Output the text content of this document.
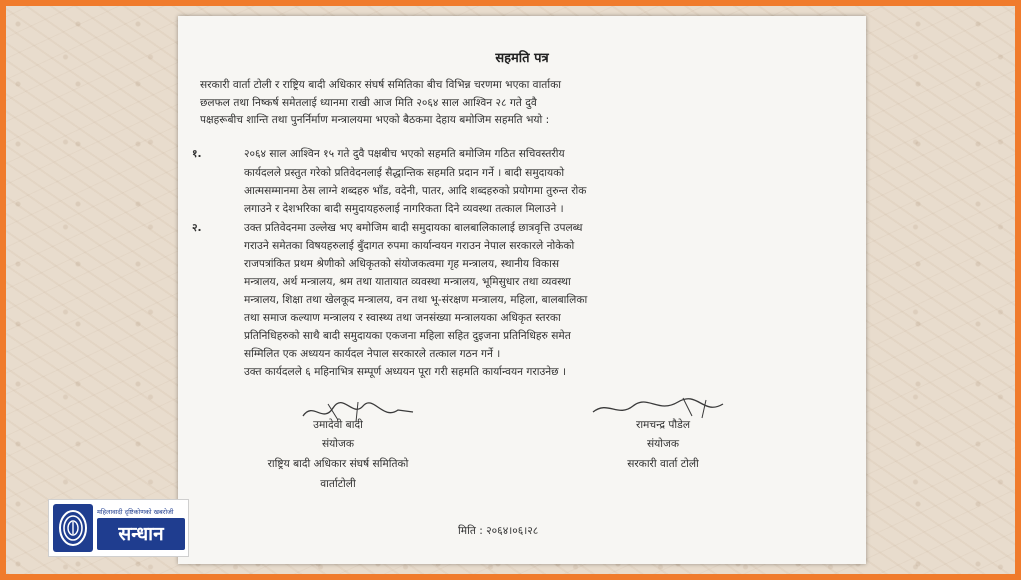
सहमति पत्र
सरकारी वार्ता टोली र राष्ट्रिय बादी अधिकार संघर्ष समितिका बीच विभिन्न चरणमा भएका वार्ताका
छलफल तथा निष्कर्ष समेतलाई ध्यानमा राखी आज मिति २०६४ साल आश्विन २८ गते दुवै
पक्षहरूबीच शान्ति तथा पुनर्निर्माण मन्त्रालयमा भएको बैठकमा देहाय बमोजिम सहमति भयो :
१.	२०६४ साल आश्विन १५ गते दुवै पक्षबीच भएको सहमति बमोजिम गठित सचिवस्तरीय
कार्यदलले प्रस्तुत गरेको प्रतिवेदनलाई सैद्धान्तिक सहमति प्रदान गर्ने । बादी समुदायको
आत्मसम्मानमा ठेस लाग्ने शब्दहरु भाँड, वदेनी, पातर, आदि शब्दहरुको प्रयोगमा तुरुन्त रोक
लगाउने र देशभरिका बादी समुदायहरुलाई नागरिकता दिने व्यवस्था तत्काल मिलाउने ।
२.	उक्त प्रतिवेदनमा उल्लेख भए बमोजिम बादी समुदायका बालबालिकालाई छात्रवृत्ति उपलब्ध
गराउने समेतका विषयहरुलाई बुँदागत रुपमा कार्यान्वयन गराउन नेपाल सरकारले नोकेको
राजपत्रांकित प्रथम श्रेणीको अधिकृतको संयोजकत्वमा गृह मन्त्रालय, स्थानीय विकास
मन्त्रालय, अर्थ मन्त्रालय, श्रम तथा यातायात व्यवस्था मन्त्रालय, भूमिसुधार तथा व्यवस्था
मन्त्रालय, शिक्षा तथा खेलकूद मन्त्रालय, वन तथा भू-संरक्षण मन्त्रालय, महिला, बालबालिका
तथा समाज कल्याण मन्त्रालय र स्वास्थ्य तथा जनसंख्या मन्त्रालयका अधिकृत स्तरका
प्रतिनिधिहरुको साथै बादी समुदायका एकजना महिला सहित दुइजना प्रतिनिधिहरु समेत
सम्मिलित एक अध्ययन कार्यदल नेपाल सरकारले तत्काल गठन गर्ने ।
उक्त कार्यदलले ६ महिनाभित्र सम्पूर्ण अध्ययन पूरा गरी सहमति कार्यान्वयन गराउनेछ ।
उमादेवी बादी
संयोजक
राष्ट्रिय बादी अधिकार संघर्ष समितिको
वार्ताटोली
रामचन्द्र पौडेल
संयोजक
सरकारी वार्ता टोली
मिति : २०६४।०६।२८
महिलावादी दृष्टिकोणको खबरोजी
सन्धान
